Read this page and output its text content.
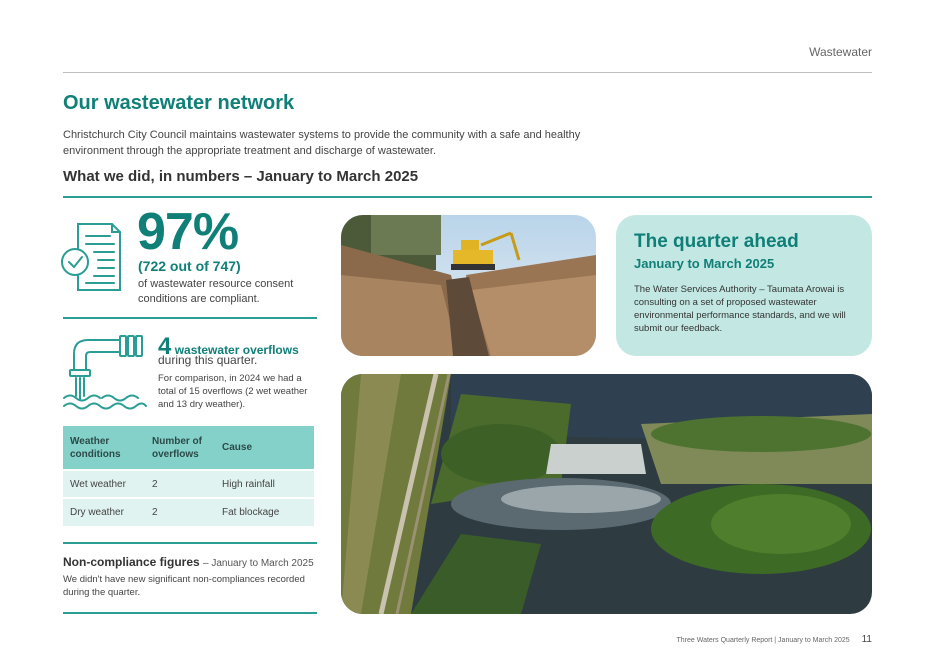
Wastewater
Our wastewater network

Christchurch City Council maintains wastewater systems to provide the community with a safe and healthy environment through the appropriate treatment and discharge of wastewater.

What we did, in numbers – January to March 2025
97%
(722 out of 747)
of wastewater resource consent conditions are compliant.
4 wastewater overflows
during this quarter.
For comparison, in 2024 we had a total of 15 overflows (2 wet weather and 13 dry weather).
Weather conditions	Number of overflows	Cause
Wet weather	2	High rainfall
Dry weather	2	Fat blockage
Non-compliance figures – January to March 2025
We didn't have new significant non-compliances recorded during the quarter.
The quarter ahead
January to March 2025
The Water Services Authority – Taumata Arowai is consulting on a set of proposed wastewater environmental performance standards, and we will submit our feedback.
Three Waters Quarterly Report | January to March 2025 11
